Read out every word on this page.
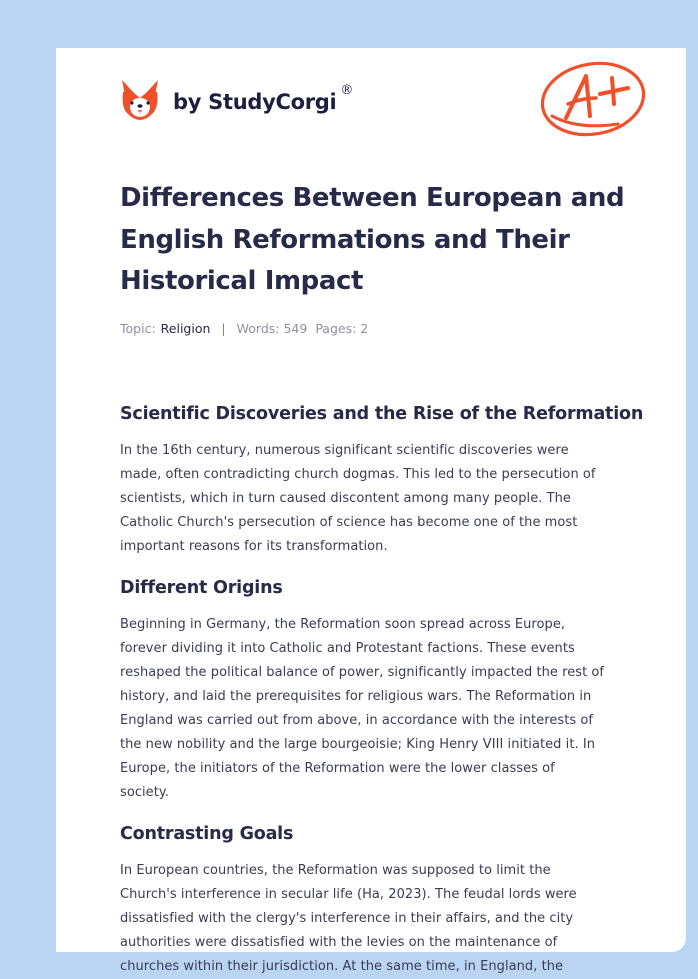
by StudyCorgi ®
Differences Between European and
English Reformations and Their
Historical Impact
Topic: Religion | Words: 549 Pages: 2
Scientific Discoveries and the Rise of the Reformation

In the 16th century, numerous significant scientific discoveries were
made, often contradicting church dogmas. This led to the persecution of
scientists, which in turn caused discontent among many people. The
Catholic Church's persecution of science has become one of the most
important reasons for its transformation.

Different Origins

Beginning in Germany, the Reformation soon spread across Europe,
forever dividing it into Catholic and Protestant factions. These events
reshaped the political balance of power, significantly impacted the rest of
history, and laid the prerequisites for religious wars. The Reformation in
England was carried out from above, in accordance with the interests of
the new nobility and the large bourgeoisie; King Henry VIII initiated it. In
Europe, the initiators of the Reformation were the lower classes of
society.

Contrasting Goals

In European countries, the Reformation was supposed to limit the
Church's interference in secular life (Ha, 2023). The feudal lords were
dissatisfied with the clergy's interference in their affairs, and the city
authorities were dissatisfied with the levies on the maintenance of
churches within their jurisdiction. At the same time, in England, the
